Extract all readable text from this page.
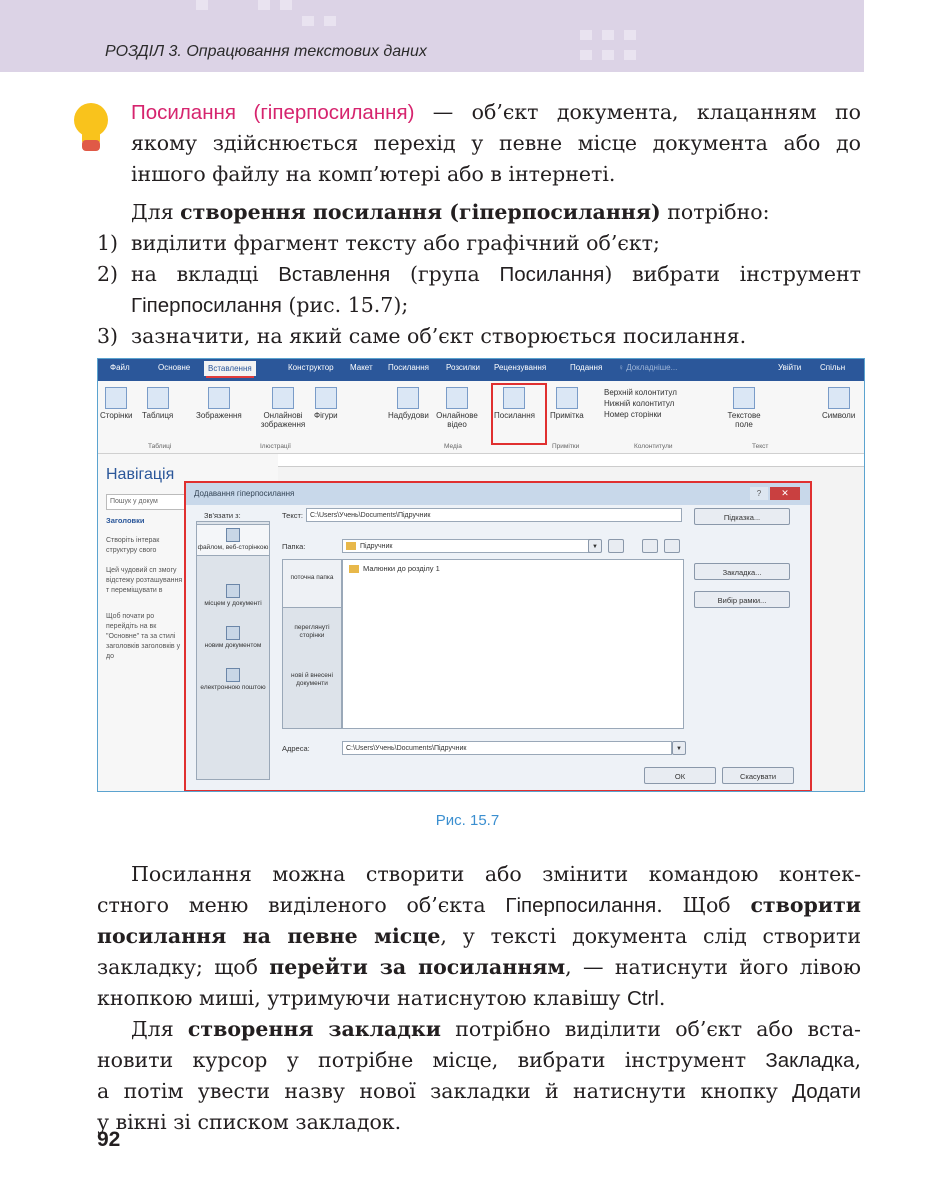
РОЗДІЛ 3. Опрацювання текстових даних
Посилання (гіперпосилання) — об’єкт документа, клацанням по
якому здійснюється перехід у певне місце документа або до
іншого файлу на комп’ютері або в інтернеті.
Для створення посилання (гіперпосилання) потрібно:
1) виділити фрагмент тексту або графічний об’єкт;
2) на вкладці Вставлення (група Посилання) вибрати інструмент
Гіперпосилання (рис. 15.7);
3) зазначити, на який саме об’єкт створюється посилання.
Файл	Основне	Вставлення	Конструктор Макет Посилання Розсилки Рецензування	Подання ♀ Докладніше...	Увійти Спільн
Сторінки Таблиця	Зображення	Онлайнові зображення
Фігури	Надбудови Онлайнове відео
Посилання Примітка
Верхній колонтитул
Нижній колонтитул
Номер сторінки	Текстове поле
Символи
Таблиці	Ілюстрації	Медіа	Примітки	Колонтитули	Текст
Навігація
Пошук у докум
Заголовки
Створіть інтерак структуру свого
Цей чудовий сп змогу відстежу розташування т переміщувати в
Щоб почати ро перейдіть на вк "Основне" та за стилі заголовків заголовків у до
Додавання гіперпосилання	?	✕
Зв'язати з:	Текст:	C:\Users\Учень\Documents\Підручник	Підказка...
файлом, веб-сторінкою
місцем у документі
новим документом
електронною поштою
Папка:	Підручник	▼
поточна папка
переглянуті сторінки
нові й внесені документи
Малюнки до розділу 1	Закладка...
Вибір рамки...
Адреса:	C:\Users\Учень\Documents\Підручник	▼
ОК	Скасувати
Рис. 15.7
Посилання можна створити або змінити командою контек-
стного меню виділеного об’єкта Гіперпосилання. Щоб створити
посилання на певне місце, у тексті документа слід створити
закладку; щоб перейти за посиланням, — натиснути його лівою
кнопкою миші, утримуючи натиснутою клавішу Ctrl.
Для створення закладки потрібно виділити об’єкт або вста-
новити курсор у потрібне місце, вибрати інструмент Закладка,
а потім увести назву нової закладки й натиснути кнопку Додати
у вікні зі списком закладок.
92
